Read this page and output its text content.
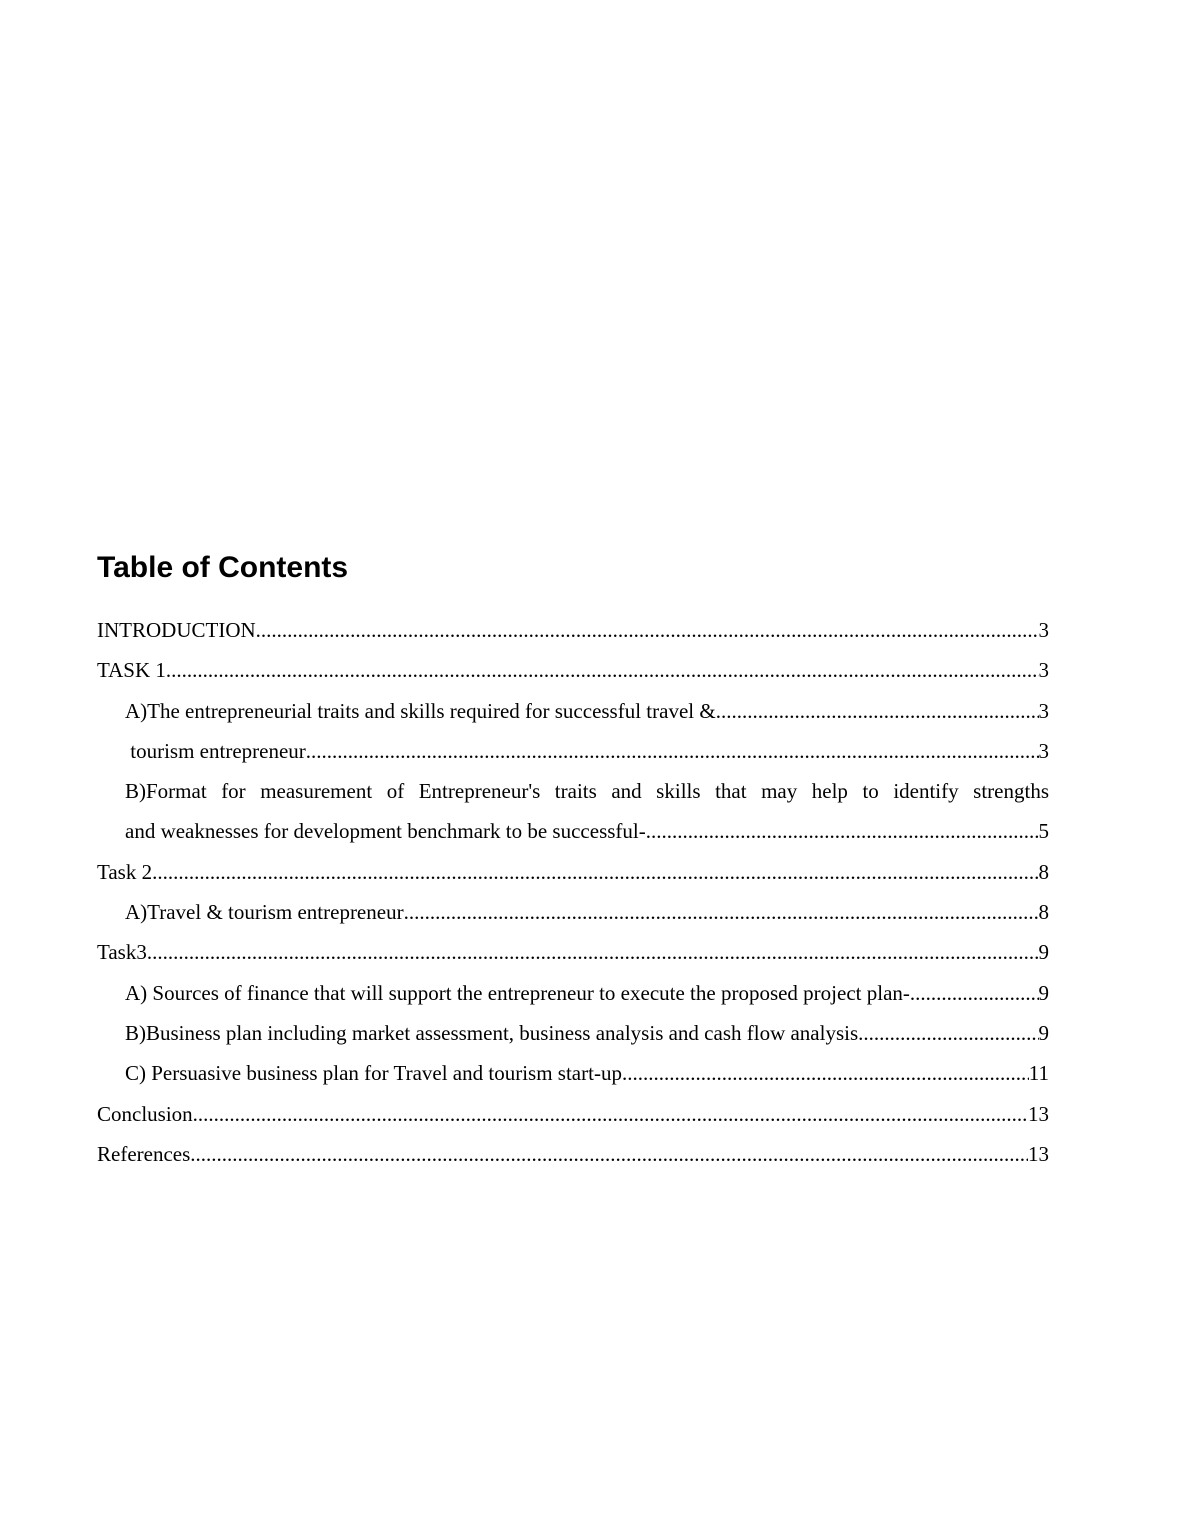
Table of Contents
INTRODUCTION .....	3
TASK 1 .....	3
A)The entrepreneurial traits and skills required for successful travel & .....	3
tourism entrepreneur .....	3
B)Format for measurement of Entrepreneur's traits and skills that may help to identify strengths
and weaknesses for development benchmark to be successful- .....	5
Task 2 .....	8
A)Travel & tourism entrepreneur .....	8
Task3 .....	9
A) Sources of finance that will support the entrepreneur to execute the proposed project plan- .....	9
B)Business plan including market assessment, business analysis and cash flow analysis .....	9
C) Persuasive business plan for Travel and tourism start-up .....	11
Conclusion .....	13
References .....	13
